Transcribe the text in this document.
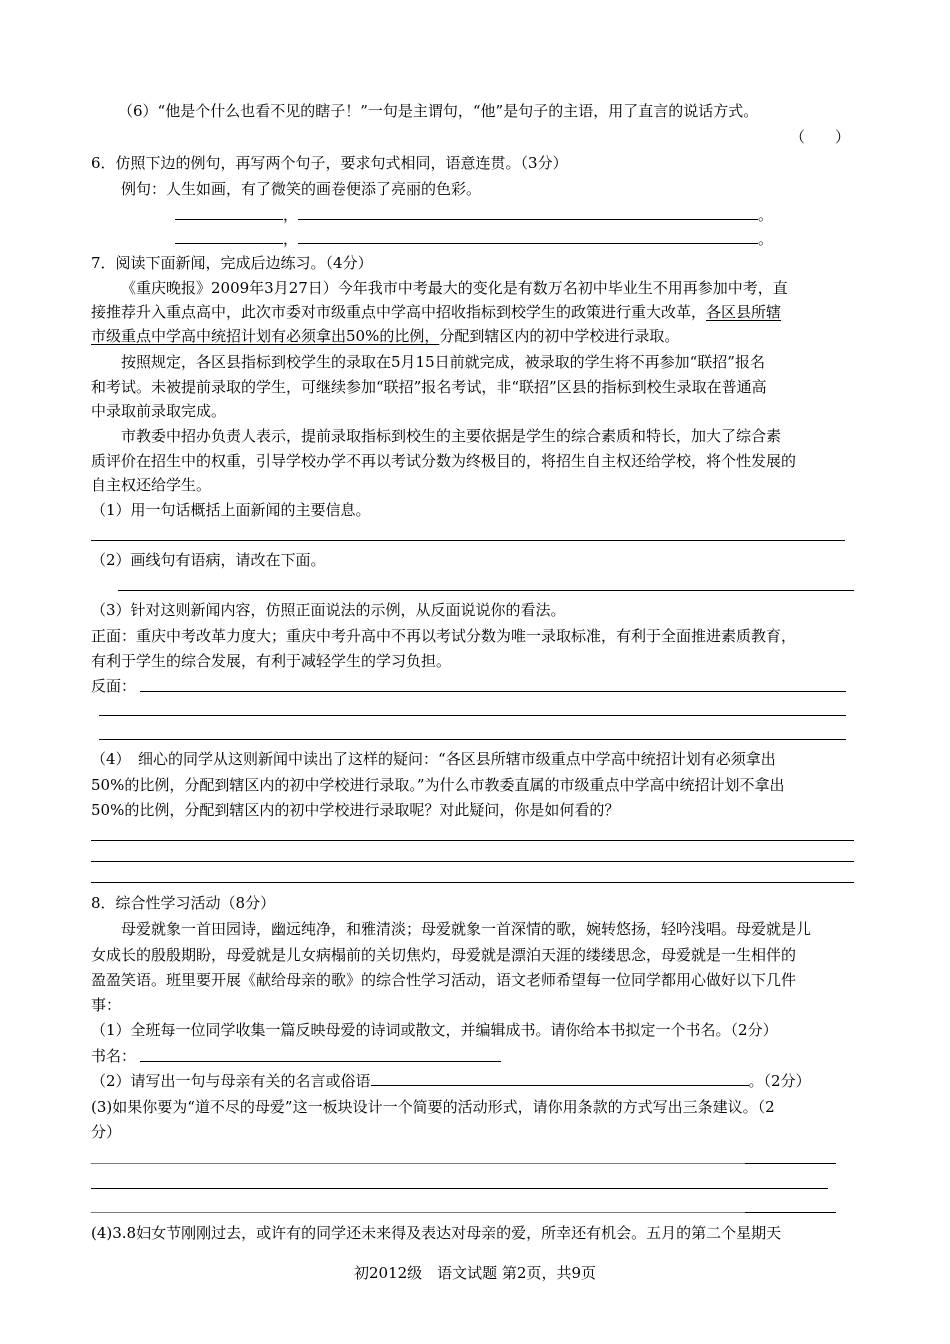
（6）“他是个什么也看不见的瞎子！”一句是主谓句，“他”是句子的主语，用了直言的说话方式。
（　　）
6．仿照下边的例句，再写两个句子，要求句式相同，语意连贯。（3分）
例句：人生如画，有了微笑的画卷便添了亮丽的色彩。
，	。
，	。
7．阅读下面新闻，完成后边练习。（4分）
《重庆晚报》2009年3月27日）今年我市中考最大的变化是有数万名初中毕业生不用再参加中考，直
接推荐升入重点高中，此次市委对市级重点中学高中招收指标到校学生的政策进行重大改革，各区县所辖
市级重点中学高中统招计划有必须拿出50%的比例，分配到辖区内的初中学校进行录取。
按照规定，各区县指标到校学生的录取在5月15日前就完成，被录取的学生将不再参加“联招”报名
和考试。未被提前录取的学生，可继续参加“联招”报名考试，非“联招”区县的指标到校生录取在普通高
中录取前录取完成。
市教委中招办负责人表示，提前录取指标到校生的主要依据是学生的综合素质和特长，加大了综合素
质评价在招生中的权重，引导学校办学不再以考试分数为终极目的，将招生自主权还给学校，将个性发展的
自主权还给学生。
（1）用一句话概括上面新闻的主要信息。
（2）画线句有语病，请改在下面。
（3）针对这则新闻内容，仿照正面说法的示例，从反面说说你的看法。
正面：重庆中考改革力度大；重庆中考升高中不再以考试分数为唯一录取标准，有利于全面推进素质教育，
有利于学生的综合发展，有利于减轻学生的学习负担。
反面：
（4）　细心的同学从这则新闻中读出了这样的疑问：“各区县所辖市级重点中学高中统招计划有必须拿出
50%的比例，分配到辖区内的初中学校进行录取。”为什么市教委直属的市级重点中学高中统招计划不拿出
50%的比例，分配到辖区内的初中学校进行录取呢？对此疑问，你是如何看的？
8．综合性学习活动（8分）
母爱就象一首田园诗，幽远纯净，和雅清淡；母爱就象一首深情的歌，婉转悠扬，轻吟浅唱。母爱就是儿
女成长的殷殷期盼，母爱就是儿女病榻前的关切焦灼，母爱就是漂泊天涯的缕缕思念，母爱就是一生相伴的
盈盈笑语。班里要开展《献给母亲的歌》的综合性学习活动，语文老师希望每一位同学都用心做好以下几件
事：
（1）全班每一位同学收集一篇反映母爱的诗词或散文，并编辑成书。请你给本书拟定一个书名。（2分）
书名：
（2）请写出一句与母亲有关的名言或俗语	。（2分）
(3)如果你要为“道不尽的母爱”这一板块设计一个简要的活动形式，请你用条款的方式写出三条建议。（2
分）
(4)3.8妇女节刚刚过去，或许有的同学还未来得及表达对母亲的爱，所幸还有机会。五月的第二个星期天
初2012级　语文试题 第2页，共9页
